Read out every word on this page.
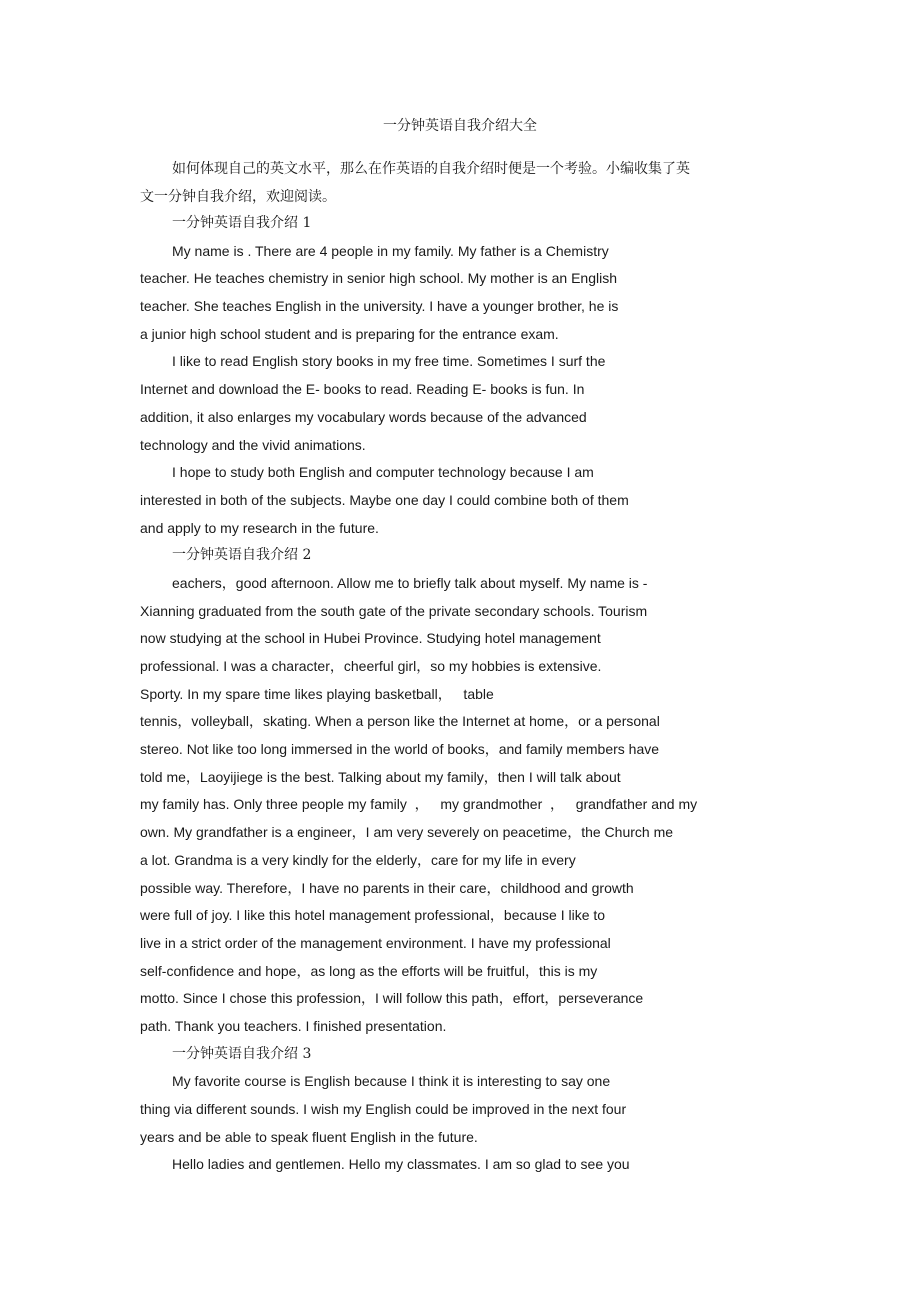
一分钟英语自我介绍大全
如何体现自己的英文水平，那么在作英语的自我介绍时便是一个考验。小编收集了英
文一分钟自我介绍，欢迎阅读。
一分钟英语自我介绍 1
My name is . There are 4 people in my family. My father is a Chemistry
teacher. He teaches chemistry in senior high school. My mother is an English
teacher. She teaches English in the university. I have a younger brother, he is
a junior high school student and is preparing for the entrance exam.
I like to read English story books in my free time. Sometimes I surf the
Internet and download the E- books to read. Reading E- books is fun. In
addition, it also enlarges my vocabulary words because of the advanced
technology and the vivid animations.
I hope to study both English and computer technology because I am
interested in both of the subjects. Maybe one day I could combine both of them
and apply to my research in the future.
一分钟英语自我介绍 2
eachers，good afternoon. Allow me to briefly talk about myself. My name is -
Xianning graduated from the south gate of the private secondary schools. Tourism
now studying at the school in Hubei Province. Studying hotel management
professional. I was a character，cheerful girl，so my hobbies is extensive.
Sporty. In my spare time likes playing basketball，   table
tennis，volleyball，skating. When a person like the Internet at home，or a personal
stereo. Not like too long immersed in the world of books，and family members have
told me，Laoyijiege is the best. Talking about my family，then I will talk about
my family has. Only three people my family  ，   my grandmother  ，   grandfather and my
own. My grandfather is a engineer，I am very severely on peacetime，the Church me
a lot. Grandma is a very kindly for the elderly，care for my life in every
possible way. Therefore，I have no parents in their care，childhood and growth
were full of joy. I like this hotel management professional，because I like to
live in a strict order of the management environment. I have my professional
self-confidence and hope，as long as the efforts will be fruitful，this is my
motto. Since I chose this profession，I will follow this path，effort，perseverance
path. Thank you teachers. I finished presentation.
一分钟英语自我介绍 3
My favorite course is English because I think it is interesting to say one
thing via different sounds. I wish my English could be improved in the next four
years and be able to speak fluent English in the future.
Hello ladies and gentlemen. Hello my classmates. I am so glad to see you
